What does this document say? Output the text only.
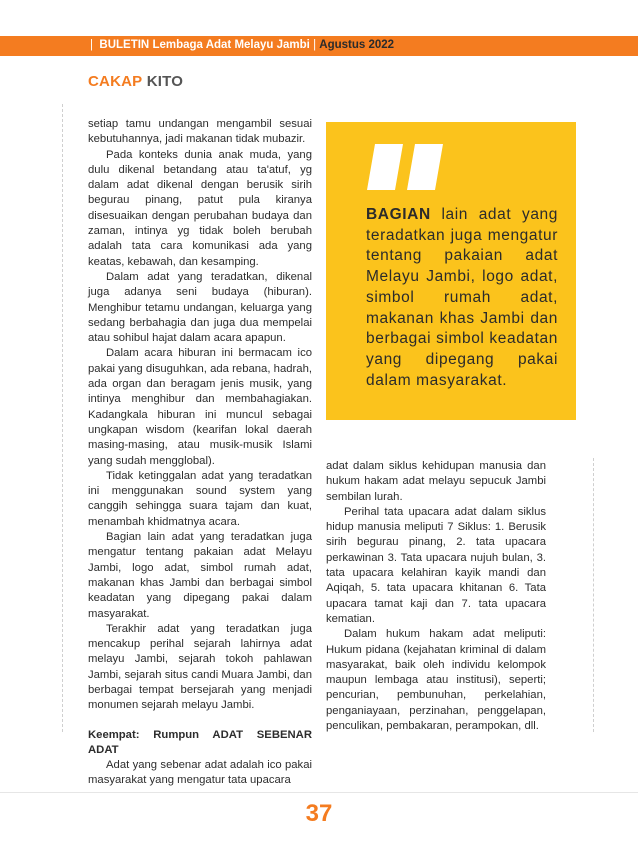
|  BULETIN Lembaga Adat Melayu Jambi | Agustus 2022
CAKAP KITO

setiap tamu undangan mengambil sesuai kebutuhannya, jadi makanan tidak mubazir.

Pada konteks dunia anak muda, yang dulu dikenal betandang atau ta'atuf, yg dalam adat dikenal dengan berusik sirih begurau pinang, patut pula kiranya disesuaikan dengan perubahan budaya dan zaman, intinya yg tidak boleh berubah adalah tata cara komunikasi ada yang keatas, kebawah, dan kesamping.

Dalam adat yang teradatkan, dikenal juga adanya seni budaya (hiburan). Menghibur tetamu undangan, keluarga yang sedang berbahagia dan juga dua mempelai atau sohibul hajat dalam acara apapun.

Dalam acara hiburan ini bermacam ico pakai yang disuguhkan, ada rebana, hadrah, ada organ dan beragam jenis musik, yang intinya menghibur dan membahagiakan. Kadangkala hiburan ini muncul sebagai ungkapan wisdom (kearifan lokal daerah masing-masing, atau musik-musik Islami yang sudah mengglobal).

Tidak ketinggalan adat yang teradatkan ini menggunakan sound system yang canggih sehingga suara tajam dan kuat, menambah khidmatnya acara.

Bagian lain adat yang teradatkan juga mengatur tentang pakaian adat Melayu Jambi, logo adat, simbol rumah adat, makanan khas Jambi dan berbagai simbol keadatan yang dipegang pakai dalam masyarakat.

Terakhir adat yang teradatkan juga mencakup perihal sejarah lahirnya adat melayu Jambi, sejarah tokoh pahlawan Jambi, sejarah situs candi Muara Jambi, dan berbagai tempat bersejarah yang menjadi monumen sejarah melayu Jambi.

Keempat: Rumpun ADAT SEBENAR ADAT

Adat yang sebenar adat adalah ico pakai masyarakat yang mengatur tata upacara

BAGIAN lain adat yang teradatkan juga mengatur tentang pakaian adat Melayu Jambi, logo adat, simbol rumah adat, makanan khas Jambi dan berbagai simbol keadatan yang dipegang pakai dalam masyarakat.

adat dalam siklus kehidupan manusia dan hukum hakam adat melayu sepucuk Jambi sembilan lurah.

Perihal tata upacara adat dalam siklus hidup manusia meliputi 7 Siklus: 1. Berusik sirih begurau pinang, 2. tata upacara perkawinan 3. Tata upacara nujuh bulan, 3. tata upacara kelahiran kayik mandi dan Aqiqah, 5. tata upacara khitanan 6. Tata upacara tamat kaji dan 7. tata upacara kematian.

Dalam hukum hakam adat meliputi: Hukum pidana (kejahatan kriminal di dalam masyarakat, baik oleh individu kelompok maupun lembaga atau institusi), seperti; pencurian, pembunuhan, perkelahian, penganiayaan, perzinahan, penggelapan, penculikan, pembakaran, perampokan, dll.

37
